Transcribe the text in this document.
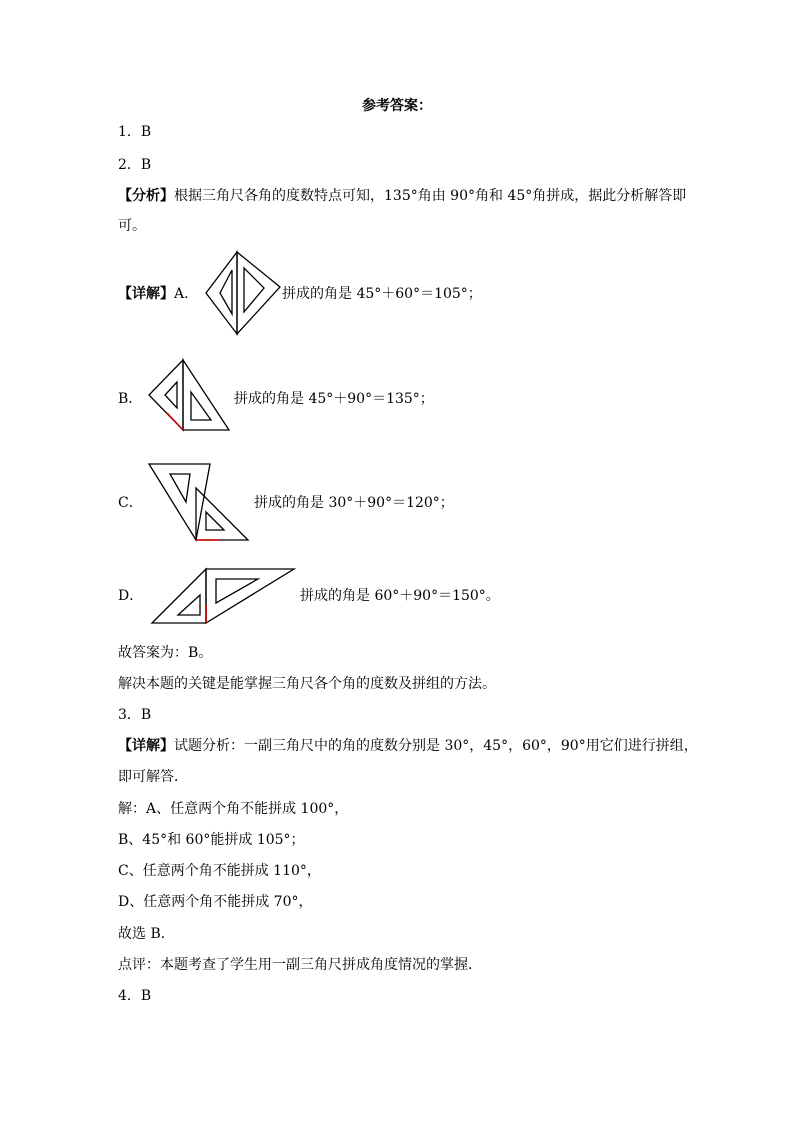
参考答案：
1．B
2．B
【分析】根据三角尺各角的度数特点可知，135°角由 90°角和 45°角拼成，据此分析解答即
可。
【详解】A．	拼成的角是 45°＋60°＝105°；
B．	拼成的角是 45°＋90°＝135°；
C．	拼成的角是 30°＋90°＝120°；
D．	拼成的角是 60°＋90°＝150°。
故答案为：B。
解决本题的关键是能掌握三角尺各个角的度数及拼组的方法。
3．B
【详解】试题分析：一副三角尺中的角的度数分别是 30°，45°，60°，90°用它们进行拼组，
即可解答．
解：A、任意两个角不能拼成 100°，
B、45°和 60°能拼成 105°；
C、任意两个角不能拼成 110°，
D、任意两个角不能拼成 70°，
故选 B．
点评：本题考查了学生用一副三角尺拼成角度情况的掌握．
4．B
